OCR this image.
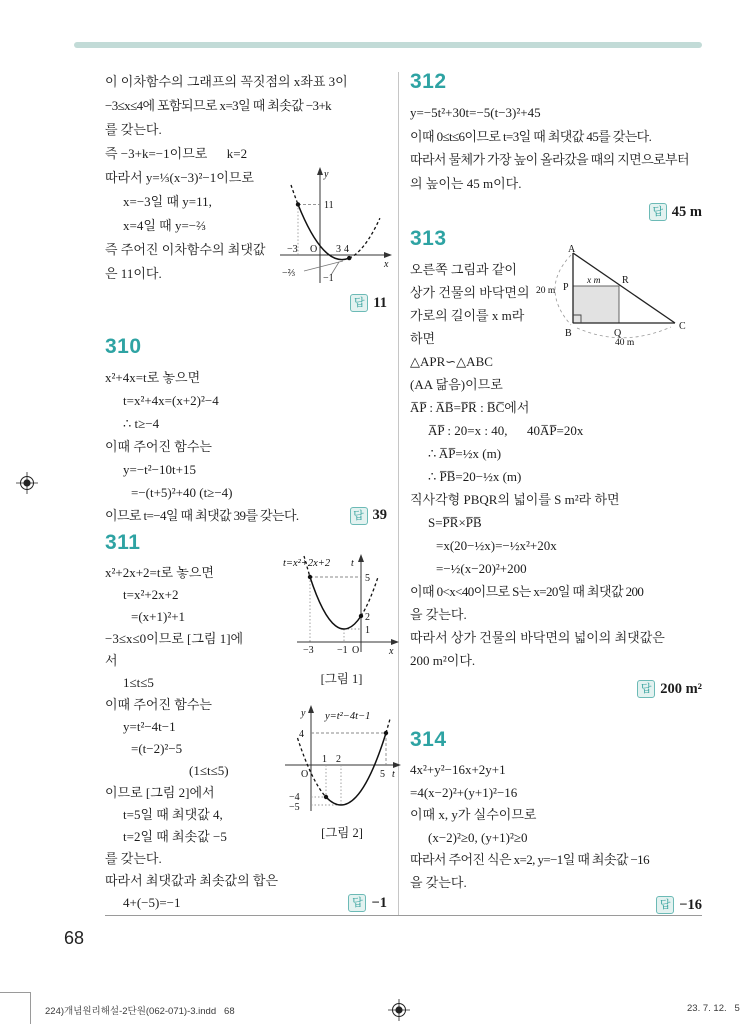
이 이차함수의 그래프의 꼭짓점의 x좌표 3이
−3≤x≤4에 포함되므로 x=3일 때 최솟값 −3+k
를 갖는다.
즉 −3+k=−1이므로      k=2
따라서 y=⅓(x−3)²−1이므로
x=−3일 때 y=11,
x=4일 때 y=−⅔
즉 주어진 이차함수의 최댓값
은 11이다.
답 11
y
x
O
11
−3	3 4
−⅔	−1
310
x²+4x=t로 놓으면
t=x²+4x=(x+2)²−4
∴ t≥−4
이때 주어진 함수는
y=−t²−10t+15
=−(t+5)²+40 (t≥−4)
이므로 t=−4일 때 최댓값 39를 갖는다.	답 39
311
x²+2x+2=t로 놓으면
t=x²+2x+2
=(x+1)²+1
−3≤x≤0이므로 [그림 1]에
서
1≤t≤5
이때 주어진 함수는
y=t²−4t−1
=(t−2)²−5
(1≤t≤5)
이므로 [그림 2]에서
t=5일 때 최댓값 4,
t=2일 때 최솟값 −5
를 갖는다.
따라서 최댓값과 최솟값의 합은
4+(−5)=−1	답 −1
t=x²+2x+2 t
x
5
2
1
−3 −1 O
[그림 1]
y y=t²−4t−1
t
4
1 2
O	5
−4
−5
[그림 2]
312
y=−5t²+30t=−5(t−3)²+45
이때 0≤t≤6이므로 t=3일 때 최댓값 45를 갖는다.
따라서 물체가 가장 높이 올라갔을 때의 지면으로부터
의 높이는 45 m이다.
답 45 m
313
오른쪽 그림과 같이
상가 건물의 바닥면의
가로의 길이를 x m라
하면
△APR∽△ABC
(AA 닮음)이므로
A̅P̅ : A̅B̅=P̅R̅ : B̅C̅에서
A̅P̅ : 20=x : 40,      40A̅P̅=20x
∴ A̅P̅=½x (m)
∴ P̅B̅=20−½x (m)
직사각형 PBQR의 넓이를 S m²라 하면
S=P̅R̅×P̅B̅
=x(20−½x)=−½x²+20x
=−½(x−20)²+200
이때 0<x<40이므로 S는 x=20일 때 최댓값 200
을 갖는다.
따라서 상가 건물의 바닥면의 넓이의 최댓값은
200 m²이다.
답 200 m²
A
B
C
P
Q
R
x m
20 m
40 m
314
4x²+y²−16x+2y+1
=4(x−2)²+(y+1)²−16
이때 x, y가 실수이므로
(x−2)²≥0, (y+1)²≥0
따라서 주어진 식은 x=2, y=−1일 때 최솟값 −16
을 갖는다.
답 −16
68
224)개념원리해설-2단원(062-071)-3.indd   68	23. 7. 12.   5
